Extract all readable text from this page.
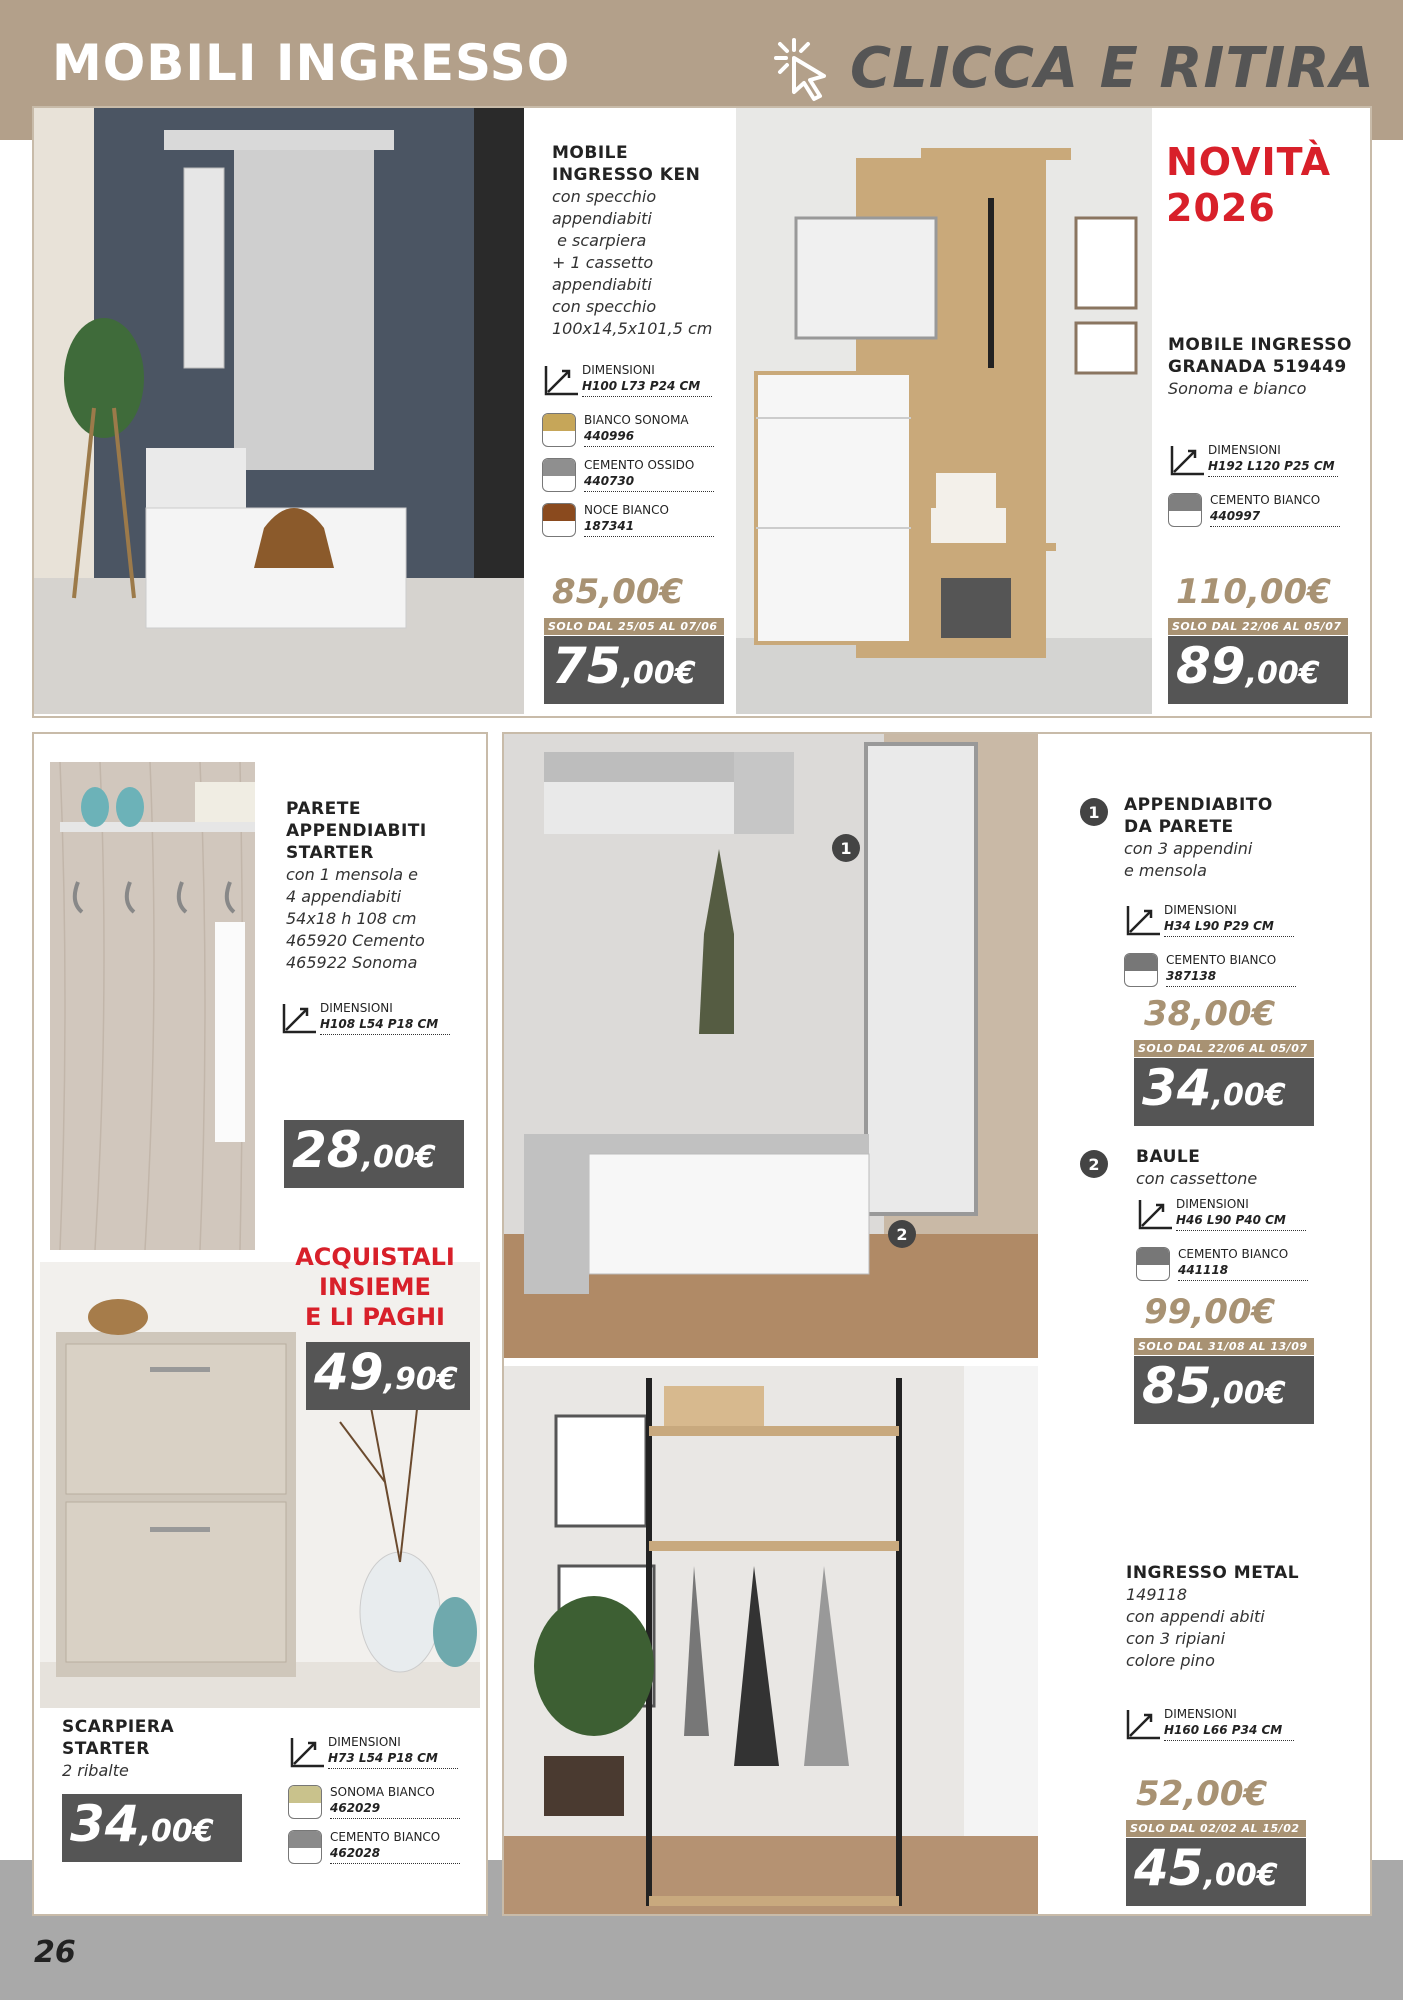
MOBILI INGRESSO	CLICCA E RITIRA
MOBILE
INGRESSO KEN
con specchio
appendiabiti
e scarpiera
+ 1 cassetto
appendiabiti
con specchio
100x14,5x101,5 cm
DIMENSIONI
H100 L73 P24 CM
BIANCO SONOMA
440996
CEMENTO OSSIDO
440730
NOCE BIANCO
187341
85,00€
SOLO DAL 25/05 AL 07/06
75,00€
NOVITÀ
2026
MOBILE INGRESSO
GRANADA 519449
Sonoma e bianco
DIMENSIONI
H192 L120 P25 CM
CEMENTO BIANCO
440997
110,00€
SOLO DAL 22/06 AL 05/07
89,00€
PARETE
APPENDIABITI
STARTER
con 1 mensola e
4 appendiabiti
54x18 h 108 cm
465920 Cemento
465922 Sonoma
DIMENSIONI
H108 L54 P18 CM
28,00€
ACQUISTALI
INSIEME
E LI PAGHI
49,90€
SCARPIERA
STARTER
2 ribalte
34,00€
DIMENSIONI
H73 L54 P18 CM
SONOMA BIANCO
462029
CEMENTO BIANCO
462028
1
2
1	APPENDIABITO
DA PARETE
con 3 appendini
e mensola
DIMENSIONI
H34 L90 P29 CM
CEMENTO BIANCO
387138
38,00€
SOLO DAL 22/06 AL 05/07
34,00€
2	BAULE
con cassettone
DIMENSIONI
H46 L90 P40 CM
CEMENTO BIANCO
441118
99,00€
SOLO DAL 31/08 AL 13/09
85,00€
INGRESSO METAL
149118
con appendi abiti
con 3 ripiani
colore pino
DIMENSIONI
H160 L66 P34 CM
52,00€
SOLO DAL 02/02 AL 15/02
45,00€
26
